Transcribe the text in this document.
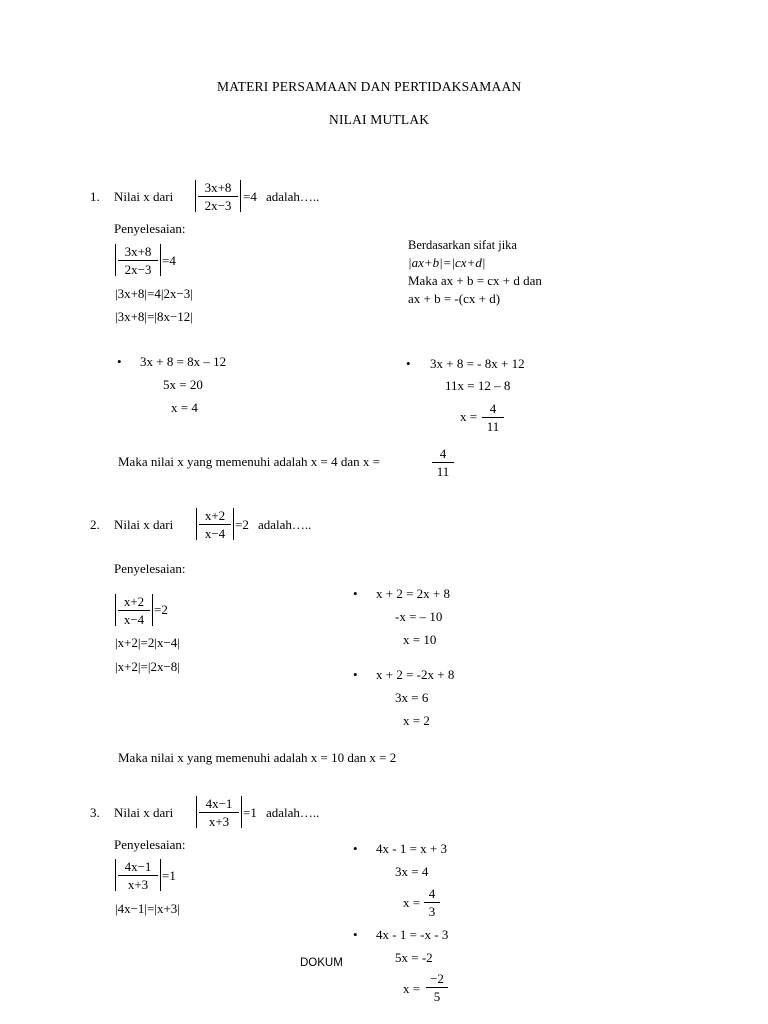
MATERI PERSAMAAN DAN PERTIDAKSAMAAN
NILAI MUTLAK
1. Nilai x dari
3x+8
2x−3
=4 adalah…..
Penyelesaian:
3x+8
2x−3
=4
|3x+8|=4|2x−3|
|3x+8|=|8x−12|
Berdasarkan sifat jika
|ax+b|=|cx+d|
Maka ax + b = cx + d dan
ax + b = -(cx + d)
• 3x + 8 = 8x – 12
5x = 20
x = 4
• 3x + 8 = - 8x + 12
11x = 12 – 8
x =
4
11
Maka nilai x yang memenuhi adalah x = 4 dan x =
4
11
2. Nilai x dari
x+2
x−4
=2 adalah…..
Penyelesaian:
x+2
x−4
=2
|x+2|=2|x−4|
|x+2|=|2x−8|
• x + 2 = 2x + 8
-x = – 10
x = 10
• x + 2 = -2x + 8
3x = 6
x = 2
Maka nilai x yang memenuhi adalah x = 10 dan x = 2
3. Nilai x dari
4x−1
x+3
=1 adalah…..
Penyelesaian:
4x−1
x+3
=1
|4x−1|=|x+3|
• 4x - 1 = x + 3
3x = 4
x =
4
3
• 4x - 1 = -x - 3
5x = -2
x =
−2
5
DOKUM
